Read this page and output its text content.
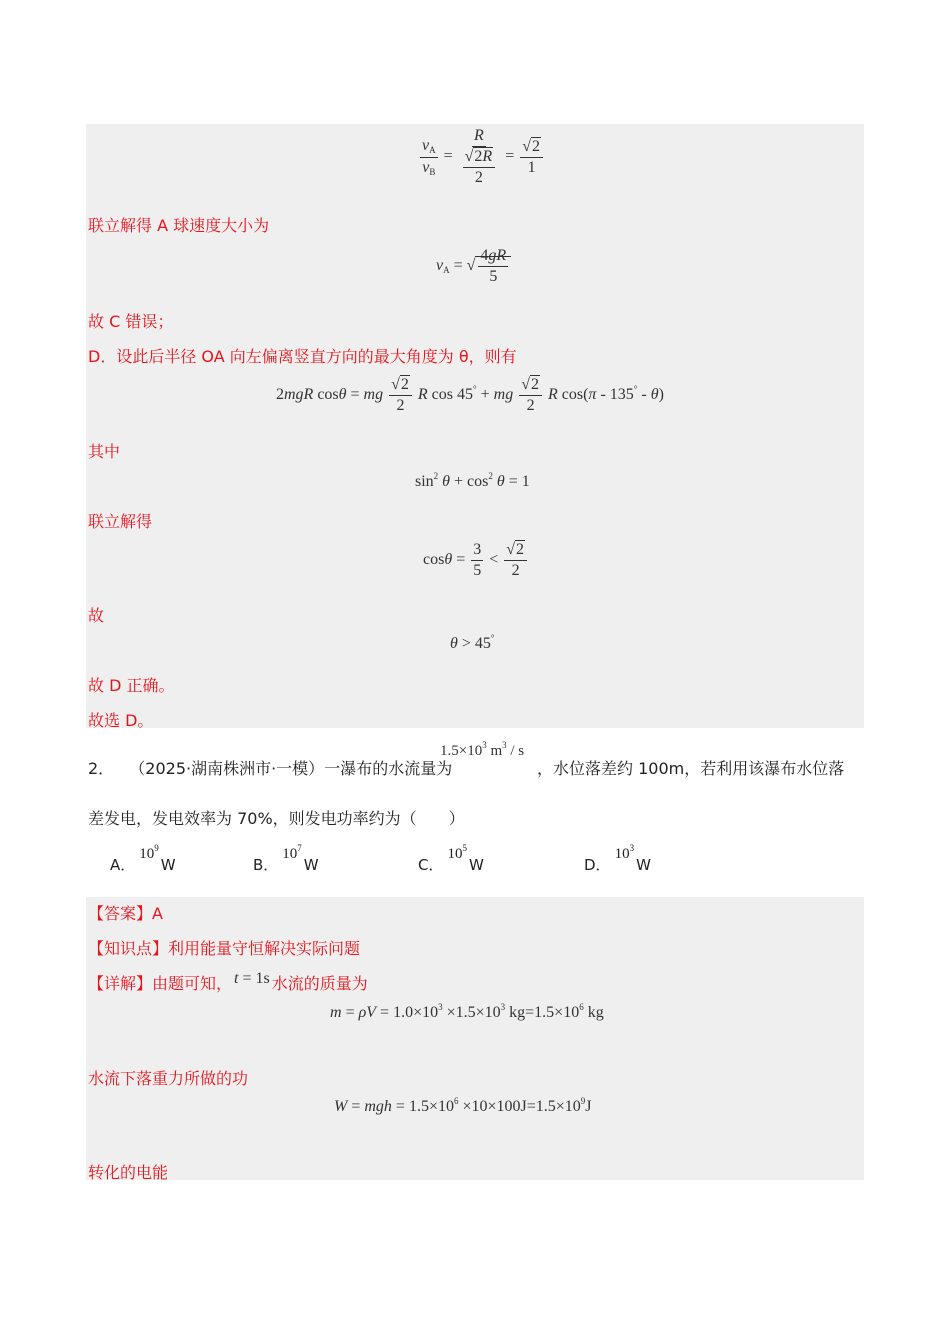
$\frac{v_A}{v_B} = \frac{R}{\frac{√2R}{2}} = \frac{√2}{1}$
联立解得 A 球速度大小为
$v_A$ = √ $\frac{4gR}{5}$
故 C 错误；
D．设此后半径 OA 向左偏离竖直方向的最大角度为 θ，则有
2mgR cosθ = mg $\frac{√2}{2}$ R cos 45° + mg $\frac{√2}{2}$ R cos(π - 135° - θ)
其中
$\sin^2 \theta + \cos^2 \theta = 1$
联立解得
$\cos\theta = \frac{3}{5} < \frac{√2}{2}$
故
θ > 45°
故 D 正确。
故选 D。
2． （2025·湖南株洲市·一模）一瀑布的水流量为
$1.5\times 10^3$ $m^3$ / s
，水位落差约 100m，若利用该瀑布水位落
差发电，发电效率为 70%，则发电功率约为（　　）
A．$10^9W$	B．$10^7W$	C．$10^5W$	D．$10^3W$
【答案】A
【知识点】利用能量守恒解决实际问题
【详解】由题可知， t = 1s 水流的质量为
$m = \rho V = 1.0\times 10^3 \times 1.5\times 10^3$ $kg=1.5\times 10^6$ kg
水流下落重力所做的功
W = mgh = $1.5\times 10^6 \times 10\times 100J=1.5\times 10^9J$
转化的电能
